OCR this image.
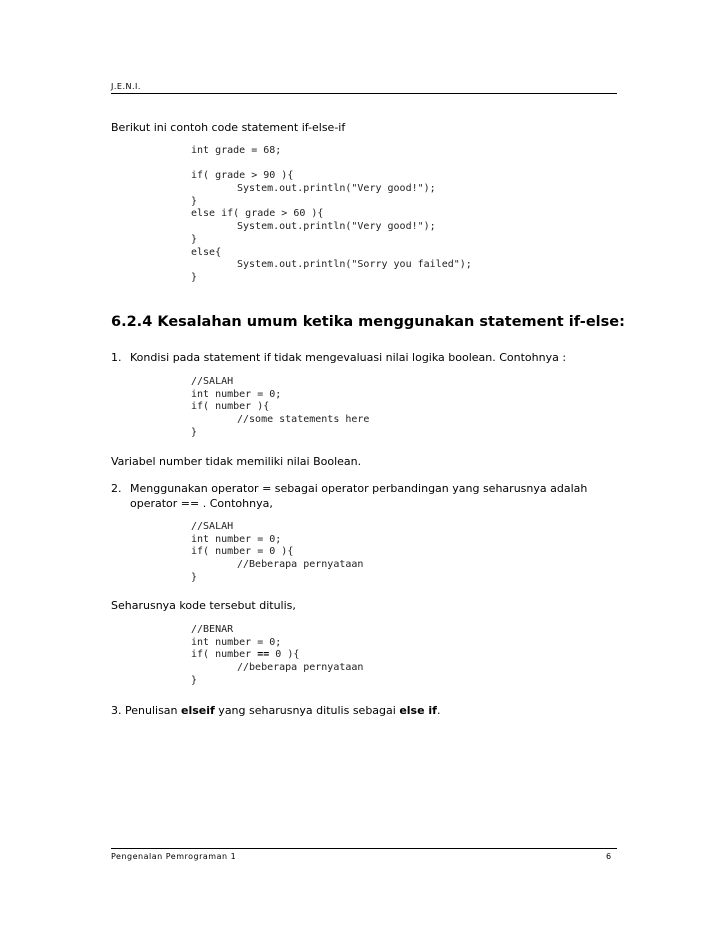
J.E.N.I.
Berikut ini contoh code statement if-else-if
int grade = 68;
if( grade > 90 ){
System.out.println("Very good!");
}
else if( grade > 60 ){
System.out.println("Very good!");
}
else{
System.out.println("Sorry you failed");
}
6.2.4 Kesalahan umum ketika menggunakan statement if-else:
1. Kondisi pada statement if tidak mengevaluasi nilai logika boolean. Contohnya :
//SALAH
int number = 0;
if( number ){
//some statements here
}
Variabel number tidak memiliki nilai Boolean.
2. Menggunakan operator = sebagai operator perbandingan yang seharusnya adalah
operator == . Contohnya,
//SALAH
int number = 0;
if( number = 0 ){
//Beberapa pernyataan
}
Seharusnya kode tersebut ditulis,
//BENAR
int number = 0;
if( number == 0 ){
//beberapa pernyataan
}
3. Penulisan elseif yang seharusnya ditulis sebagai else if.
Pengenalan Pemrograman 1	6
